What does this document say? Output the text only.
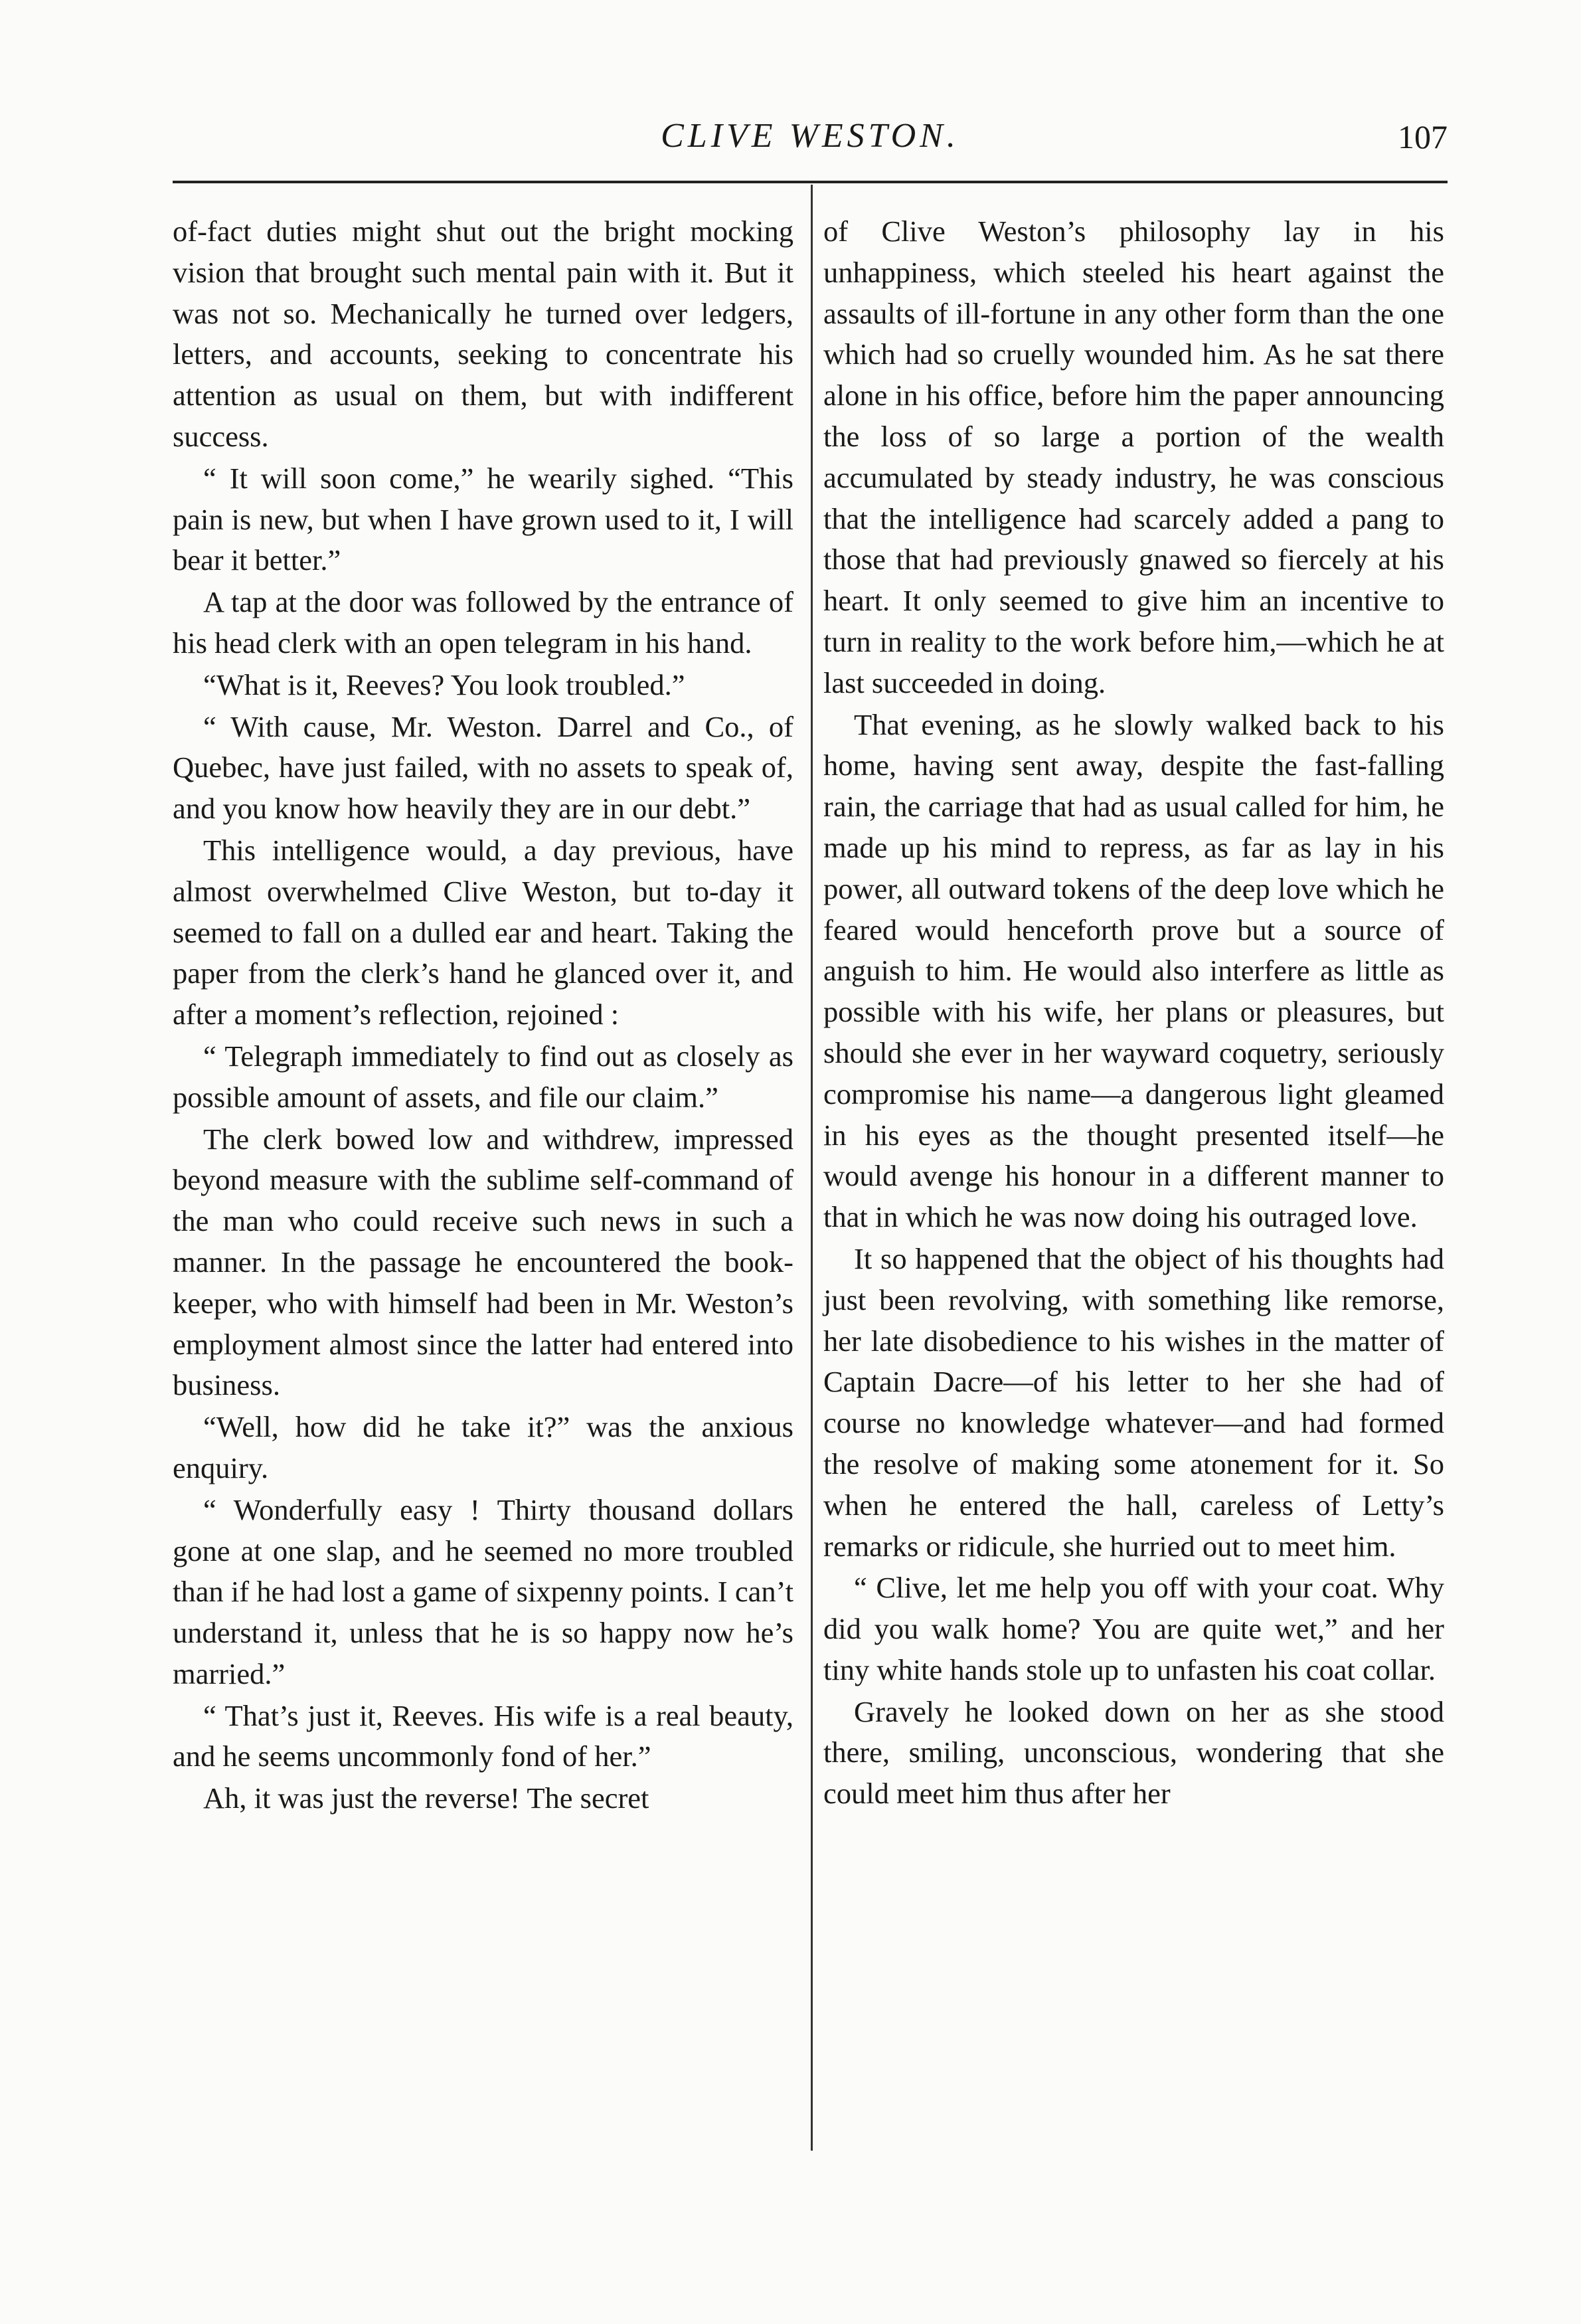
CLIVE WESTON.	107

of-fact duties might shut out the bright mocking vision that brought such mental pain with it. But it was not so. Mechanically he turned over ledgers, letters, and accounts, seeking to concentrate his attention as usual on them, but with indifferent success.

“ It will soon come,” he wearily sighed. “This pain is new, but when I have grown used to it, I will bear it better.”

A tap at the door was followed by the entrance of his head clerk with an open telegram in his hand.

“What is it, Reeves? You look troubled.”

“ With cause, Mr. Weston. Darrel and Co., of Quebec, have just failed, with no assets to speak of, and you know how heavily they are in our debt.”

This intelligence would, a day previous, have almost overwhelmed Clive Weston, but to-day it seemed to fall on a dulled ear and heart. Taking the paper from the clerk’s hand he glanced over it, and after a moment’s reflection, rejoined :

“ Telegraph immediately to find out as closely as possible amount of assets, and file our claim.”

The clerk bowed low and withdrew, impressed beyond measure with the sublime self-command of the man who could receive such news in such a manner. In the passage he encountered the book-keeper, who with himself had been in Mr. Weston’s employment almost since the latter had entered into business.

“Well, how did he take it?” was the anxious enquiry.

“ Wonderfully easy ! Thirty thousand dollars gone at one slap, and he seemed no more troubled than if he had lost a game of sixpenny points. I can’t understand it, unless that he is so happy now he’s married.”

“ That’s just it, Reeves. His wife is a real beauty, and he seems uncommonly fond of her.”

Ah, it was just the reverse! The secret

of Clive Weston’s philosophy lay in his unhappiness, which steeled his heart against the assaults of ill-fortune in any other form than the one which had so cruelly wounded him. As he sat there alone in his office, before him the paper announcing the loss of so large a portion of the wealth accumulated by steady industry, he was conscious that the intelligence had scarcely added a pang to those that had previously gnawed so fiercely at his heart. It only seemed to give him an incentive to turn in reality to the work before him,—which he at last succeeded in doing.

That evening, as he slowly walked back to his home, having sent away, despite the fast-falling rain, the carriage that had as usual called for him, he made up his mind to repress, as far as lay in his power, all outward tokens of the deep love which he feared would henceforth prove but a source of anguish to him. He would also interfere as little as possible with his wife, her plans or pleasures, but should she ever in her wayward coquetry, seriously compromise his name—a dangerous light gleamed in his eyes as the thought presented itself—he would avenge his honour in a different manner to that in which he was now doing his outraged love.

It so happened that the object of his thoughts had just been revolving, with something like remorse, her late disobedience to his wishes in the matter of Captain Dacre—of his letter to her she had of course no knowledge whatever—and had formed the resolve of making some atonement for it. So when he entered the hall, careless of Letty’s remarks or ridicule, she hurried out to meet him.

“ Clive, let me help you off with your coat. Why did you walk home? You are quite wet,” and her tiny white hands stole up to unfasten his coat collar.

Gravely he looked down on her as she stood there, smiling, unconscious, wondering that she could meet him thus after her
